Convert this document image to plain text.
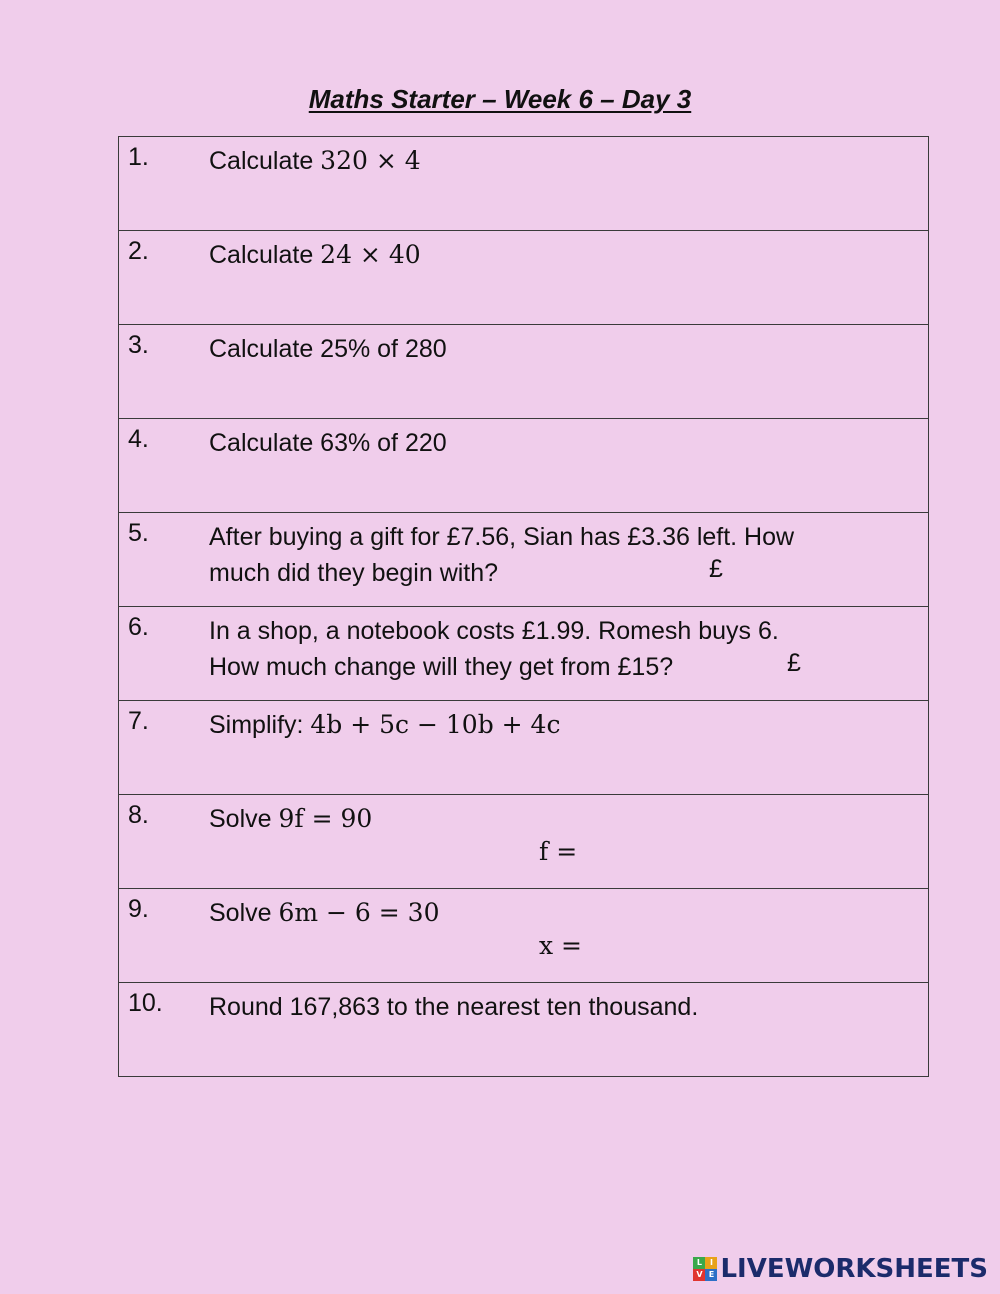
Maths Starter – Week 6 – Day 3
1. Calculate 320 × 4

2. Calculate 24 × 40

3. Calculate 25% of 280

4. Calculate 63% of 220

5. After buying a gift for £7.56, Sian has £3.36 left. How
much did they begin with?	£

6. In a shop, a notebook costs £1.99. Romesh buys 6.
How much change will they get from £15?	£

7. Simplify: 4b + 5c − 10b + 4c

8. Solve 9f = 90
f =

9. Solve 6m − 6 = 30
x =

10. Round 167,863 to the nearest ten thousand.
L I
V E LIVEWORKSHEETS
